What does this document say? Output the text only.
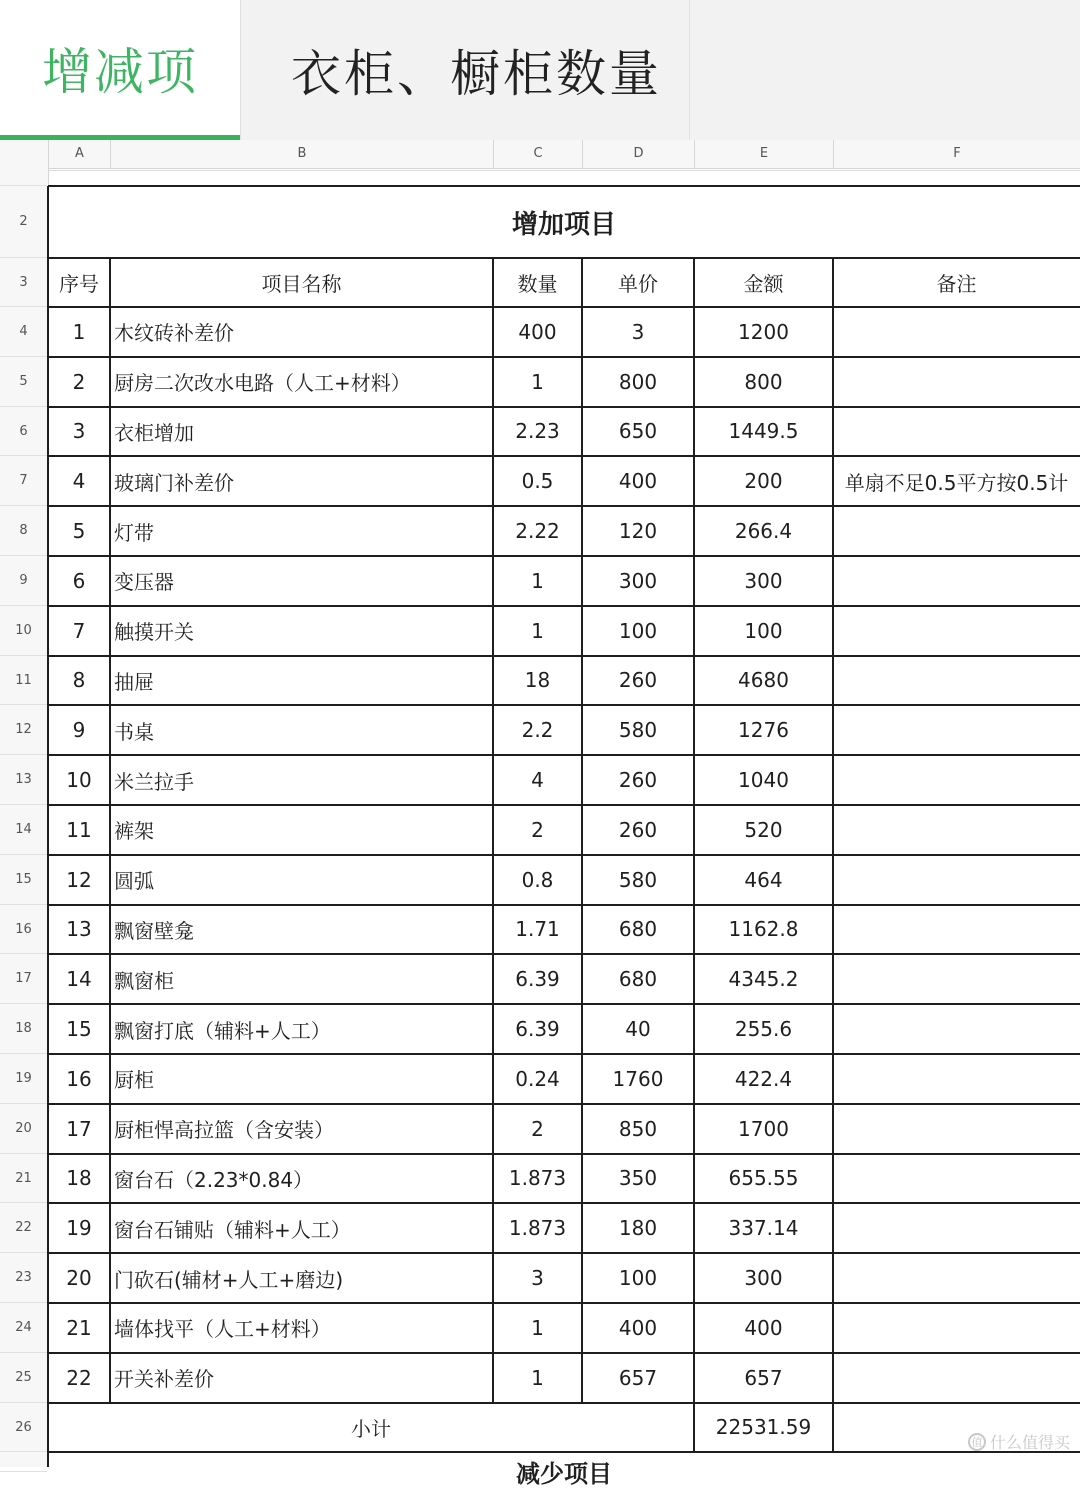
增减项 衣柜、橱柜数量
A	B	C	D	E	F
2
3
4
5
6
7
8
9
10
11
12
13
14
15
16
17
18
19
20
21
22
23
24
25
26
增加项目
序号	项目名称	数量	单价	金额	备注
1	木纹砖补差价	400	3	1200
2	厨房二次改水电路（人工+材料）	1	800	800
3	衣柜增加	2.23	650	1449.5
4	玻璃门补差价	0.5	400	200	单扇不足0.5平方按0.5计
5	灯带	2.22	120	266.4
6	变压器	1	300	300
7	触摸开关	1	100	100
8	抽屉	18	260	4680
9	书桌	2.2	580	1276
10	米兰拉手	4	260	1040
11	裤架	2	260	520
12	圆弧	0.8	580	464
13	飘窗壁龛	1.71	680	1162.8
14	飘窗柜	6.39	680	4345.2
15	飘窗打底（辅料+人工）	6.39	40	255.6
16	厨柜	0.24	1760	422.4
17	厨柜悍高拉篮（含安装）	2	850	1700
18	窗台石（2.23*0.84）	1.873	350	655.55
19	窗台石铺贴（辅料+人工）	1.873	180	337.14
20	门砍石(辅材+人工+磨边)	3	100	300
21	墙体找平（人工+材料）	1	400	400
22	开关补差价	1	657	657
小计	22531.59
减少项目
值 什么值得买
